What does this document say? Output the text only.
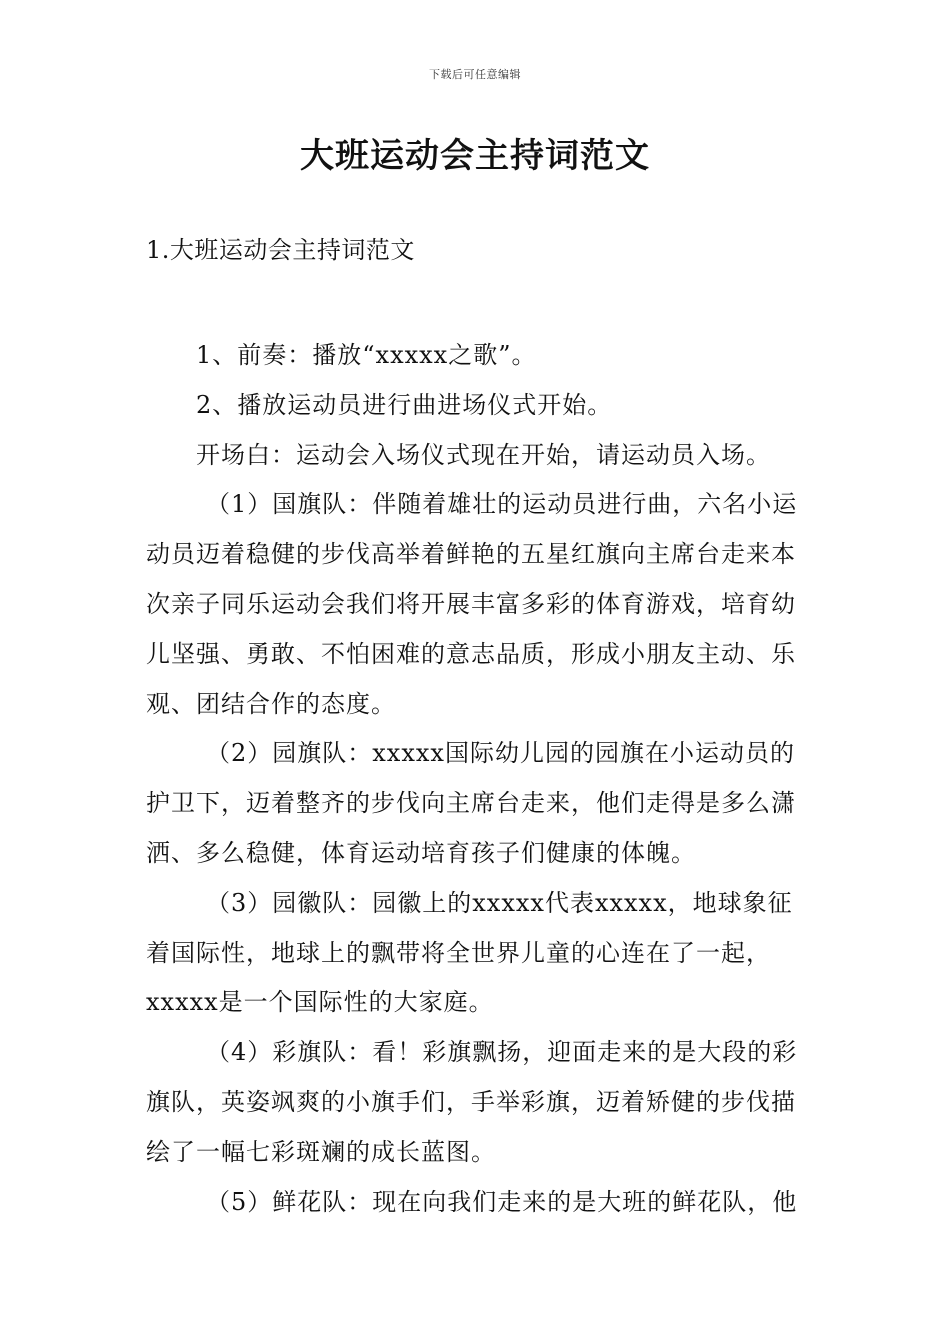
下载后可任意编辑
大班运动会主持词范文
1.大班运动会主持词范文

1、前奏：播放“xxxxx之歌”。

2、播放运动员进行曲进场仪式开始。

开场白：运动会入场仪式现在开始，请运动员入场。

（1）国旗队：伴随着雄壮的运动员进行曲，六名小运动员迈着稳健的步伐高举着鲜艳的五星红旗向主席台走来本次亲子同乐运动会我们将开展丰富多彩的体育游戏，培育幼儿坚强、勇敢、不怕困难的意志品质，形成小朋友主动、乐观、团结合作的态度。

（2）园旗队：xxxxx国际幼儿园的园旗在小运动员的护卫下，迈着整齐的步伐向主席台走来，他们走得是多么潇洒、多么稳健，体育运动培育孩子们健康的体魄。

（3）园徽队：园徽上的xxxxx代表xxxxx，地球象征着国际性，地球上的飘带将全世界儿童的心连在了一起，xxxxx是一个国际性的大家庭。

（4）彩旗队：看！彩旗飘扬，迎面走来的是大段的彩旗队，英姿飒爽的小旗手们，手举彩旗，迈着矫健的步伐描绘了一幅七彩斑斓的成长蓝图。

（5）鲜花队：现在向我们走来的是大班的鲜花队，他
